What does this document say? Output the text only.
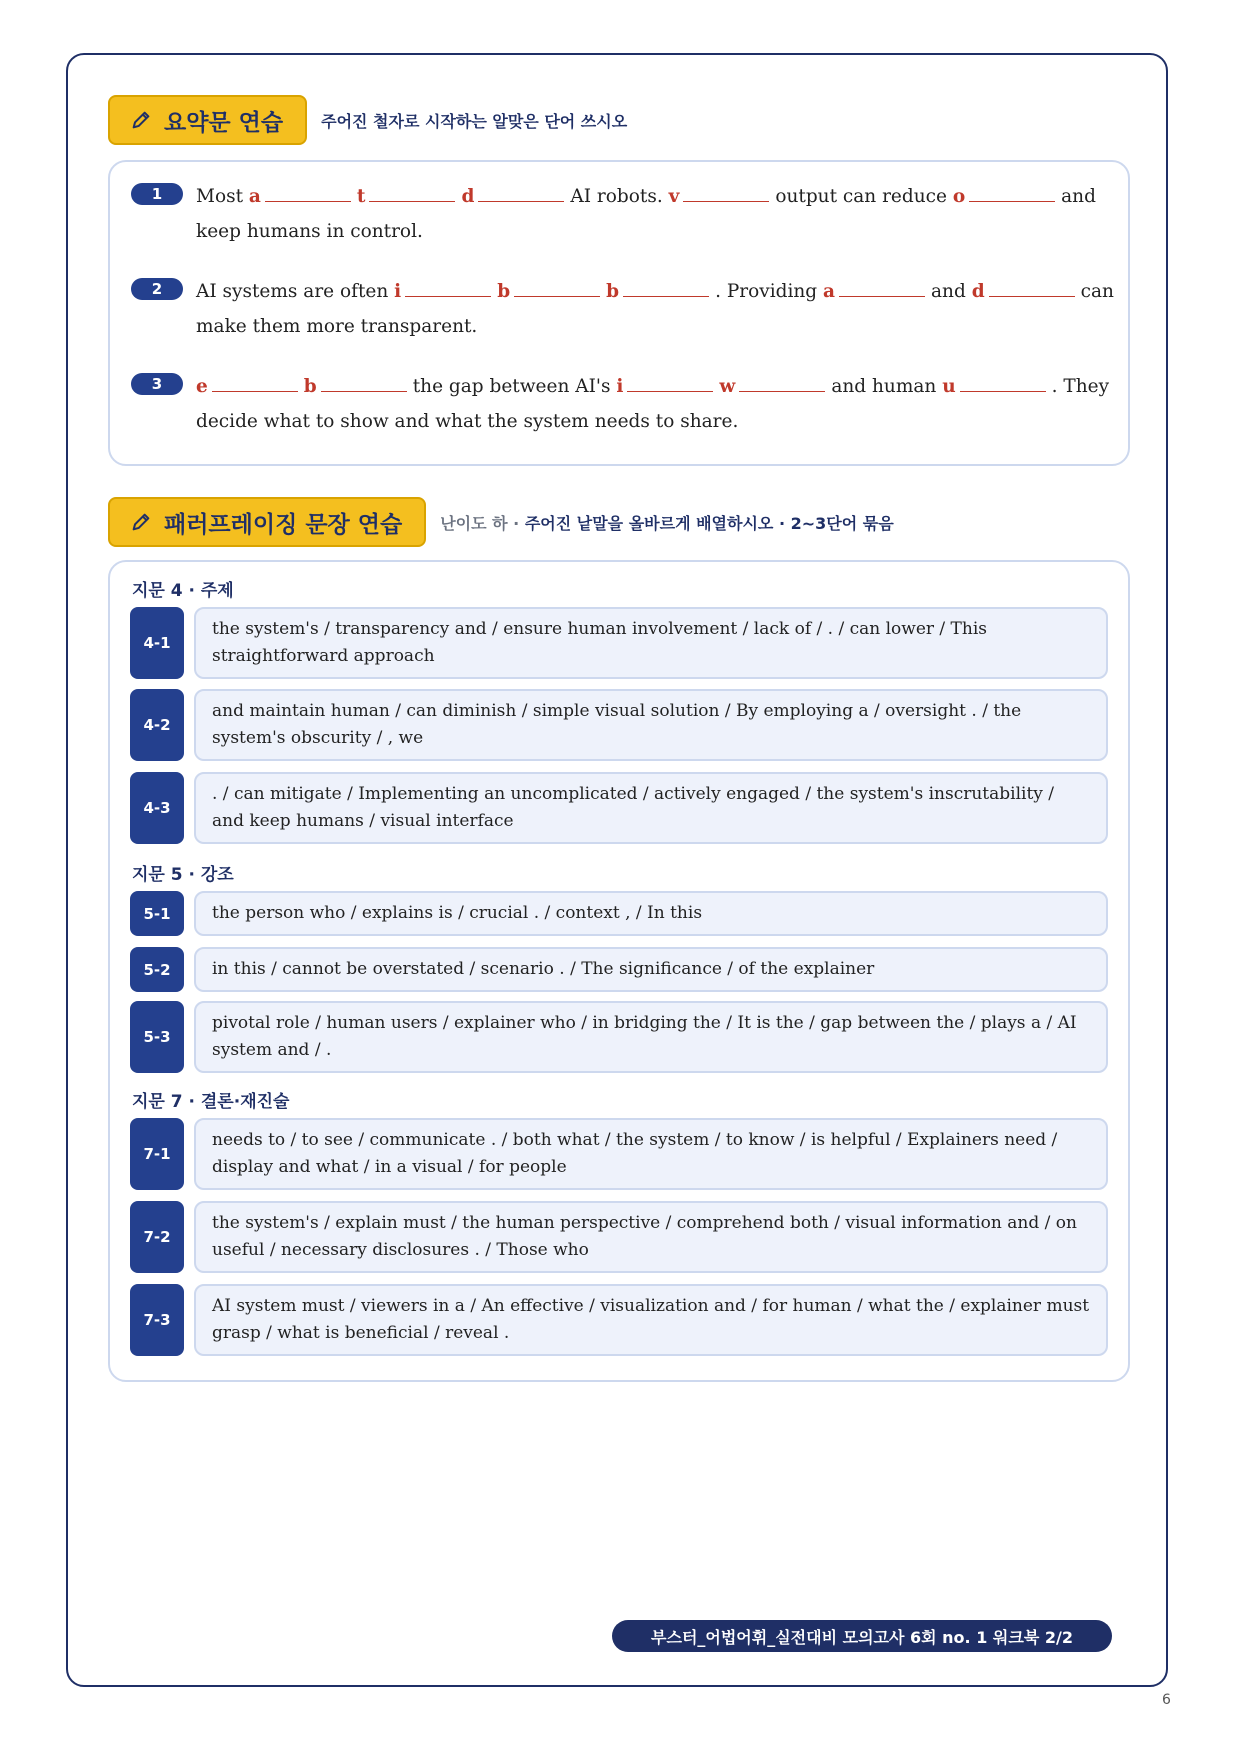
요약문 연습 주어진 철자로 시작하는 알맞은 단어 쓰시오
1	Most a	t	d	AI robots. v	output can reduce o	and
keep humans in control.
2	AI systems are often i	b	b	. Providing a	and d	can
make them more transparent.
3	e	b	the gap between AI's i	w	and human u	. They
decide what to show and what the system needs to share.
패러프레이징 문장 연습 난이도 하 · 주어진 낱말을 올바르게 배열하시오 · 2~3단어 묶음
지문 4 · 주제
4-1
the system's / transparency and / ensure human involvement / lack of / . / can lower / This straightforward approach
4-2
and maintain human / can diminish / simple visual solution / By employing a / oversight . / the system's obscurity / , we
4-3
. / can mitigate / Implementing an uncomplicated / actively engaged / the system's inscrutability / and keep humans / visual interface
지문 5 · 강조
5-1	the person who / explains is / crucial . / context , / In this
5-2	in this / cannot be overstated / scenario . / The significance / of the explainer
5-3
pivotal role / human users / explainer who / in bridging the / It is the / gap between the / plays a / AI system and / .
지문 7 · 결론·재진술
7-1
needs to / to see / communicate . / both what / the system / to know / is helpful / Explainers need / display and what / in a visual / for people
7-2
the system's / explain must / the human perspective / comprehend both / visual information and / on useful / necessary disclosures . / Those who
7-3
AI system must / viewers in a / An effective / visualization and / for human / what the / explainer must grasp / what is beneficial / reveal .
부스터_어법어휘_실전대비 모의고사 6회 no. 1 워크북 2/2
6
